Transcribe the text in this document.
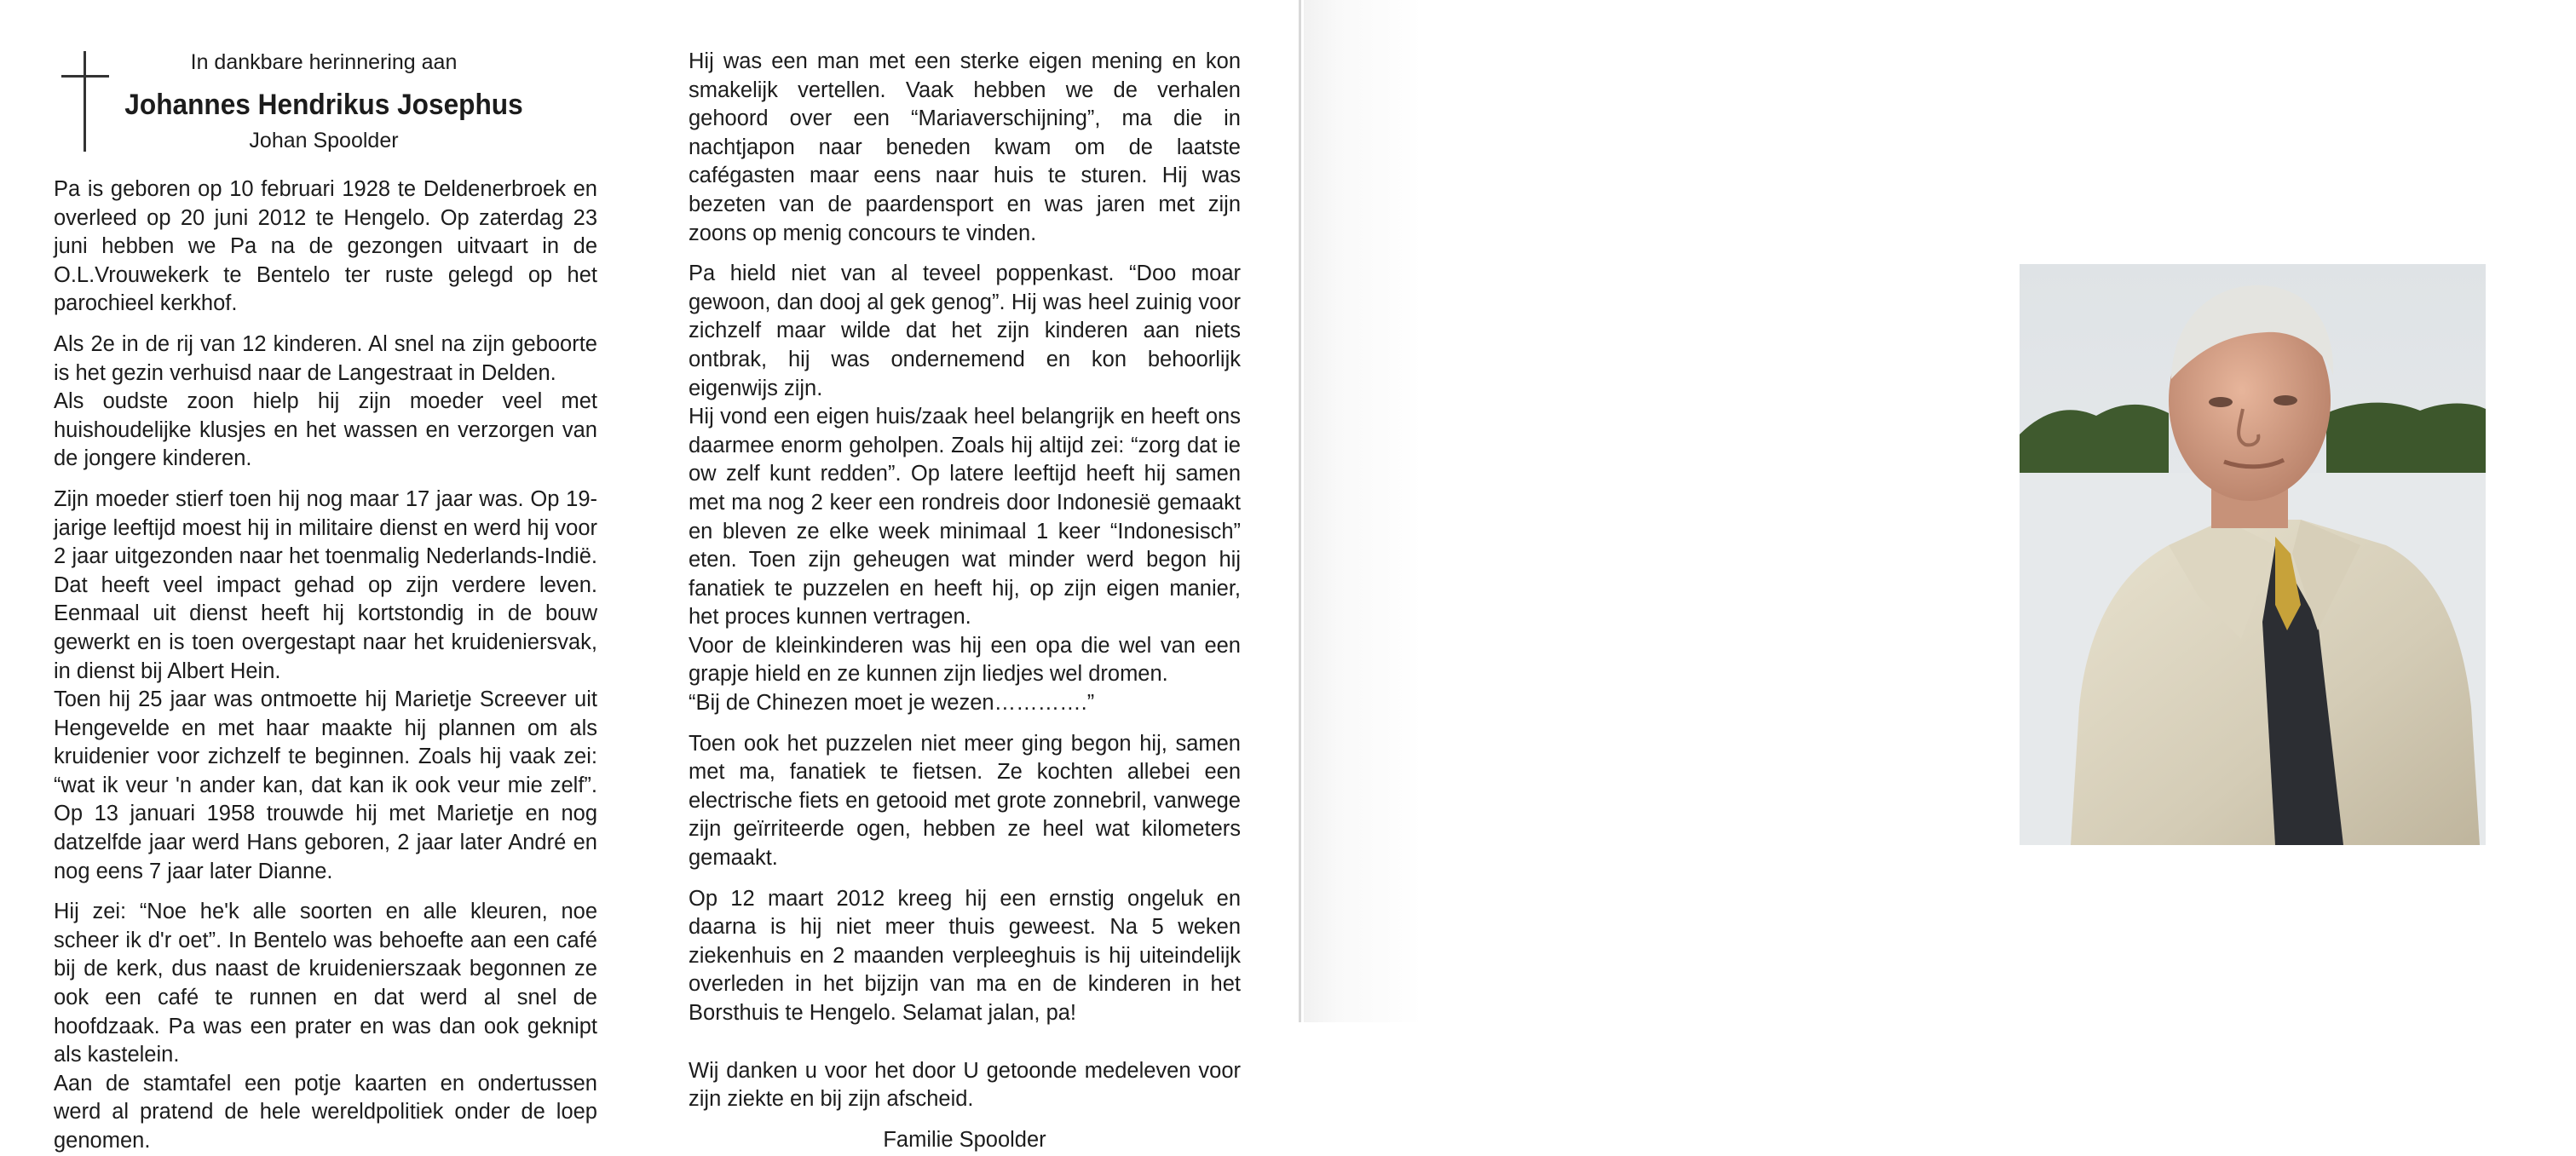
In dankbare herinnering aan
Johannes Hendrikus Josephus
Johan Spoolder

Pa is geboren op 10 februari 1928 te Deldenerbroek en overleed op 20 juni 2012 te Hengelo. Op zaterdag 23 juni hebben we Pa na de gezongen uitvaart in de O.L.Vrouwekerk te Bentelo ter ruste gelegd op het parochieel kerkhof.

Als 2e in de rij van 12 kinderen. Al snel na zijn geboorte is het gezin verhuisd naar de Langestraat in Delden.

Als oudste zoon hielp hij zijn moeder veel met huishoudelijke klusjes en het wassen en verzorgen van de jongere kinderen.

Zijn moeder stierf toen hij nog maar 17 jaar was. Op 19-jarige leeftijd moest hij in militaire dienst en werd hij voor 2 jaar uitgezonden naar het toenmalig Nederlands-Indië. Dat heeft veel impact gehad op zijn verdere leven. Eenmaal uit dienst heeft hij kortstondig in de bouw gewerkt en is toen overgestapt naar het kruideniersvak, in dienst bij Albert Hein.

Toen hij 25 jaar was ontmoette hij Marietje Screever uit Hengevelde en met haar maakte hij plannen om als kruidenier voor zichzelf te beginnen. Zoals hij vaak zei: “wat ik veur 'n ander kan, dat kan ik ook veur mie zelf”. Op 13 januari 1958 trouwde hij met Marietje en nog datzelfde jaar werd Hans geboren, 2 jaar later André en nog eens 7 jaar later Dianne.

Hij zei: “Noe he'k alle soorten en alle kleuren, noe scheer ik d'r oet”. In Bentelo was behoefte aan een café bij de kerk, dus naast de kruidenierszaak begonnen ze ook een café te runnen en dat werd al snel de hoofdzaak. Pa was een prater en was dan ook geknipt als kastelein.

Aan de stamtafel een potje kaarten en ondertussen werd al pratend de hele wereldpolitiek onder de loep genomen.

Hij was een man met een sterke eigen mening en kon smakelijk vertellen. Vaak hebben we de verhalen gehoord over een “Mariaverschijning”, ma die in nachtjapon naar beneden kwam om de laatste cafégasten maar eens naar huis te sturen. Hij was bezeten van de paardensport en was jaren met zijn zoons op menig concours te vinden.

Pa hield niet van al teveel poppenkast. “Doo moar gewoon, dan dooj al gek genog”. Hij was heel zuinig voor zichzelf maar wilde dat het zijn kinderen aan niets ontbrak, hij was ondernemend en kon behoorlijk eigenwijs zijn.

Hij vond een eigen huis/zaak heel belangrijk en heeft ons daarmee enorm geholpen. Zoals hij altijd zei: “zorg dat ie ow zelf kunt redden”. Op latere leeftijd heeft hij samen met ma nog 2 keer een rondreis door Indonesië gemaakt en bleven ze elke week minimaal 1 keer “Indonesisch” eten. Toen zijn geheugen wat minder werd begon hij fanatiek te puzzelen en heeft hij, op zijn eigen manier, het proces kunnen vertragen.

Voor de kleinkinderen was hij een opa die wel van een grapje hield en ze kunnen zijn liedjes wel dromen.

“Bij de Chinezen moet je wezen………….”

Toen ook het puzzelen niet meer ging begon hij, samen met ma, fanatiek te fietsen. Ze kochten allebei een electrische fiets en getooid met grote zonnebril, vanwege zijn geïrriteerde ogen, hebben ze heel wat kilometers gemaakt.

Op 12 maart 2012 kreeg hij een ernstig ongeluk en daarna is hij niet meer thuis geweest. Na 5 weken ziekenhuis en 2 maanden verpleeghuis is hij uiteindelijk overleden in het bijzijn van ma en de kinderen in het Borsthuis te Hengelo. Selamat jalan, pa!

Wij danken u voor het door U getoonde medeleven voor zijn ziekte en bij zijn afscheid.

Familie Spoolder
